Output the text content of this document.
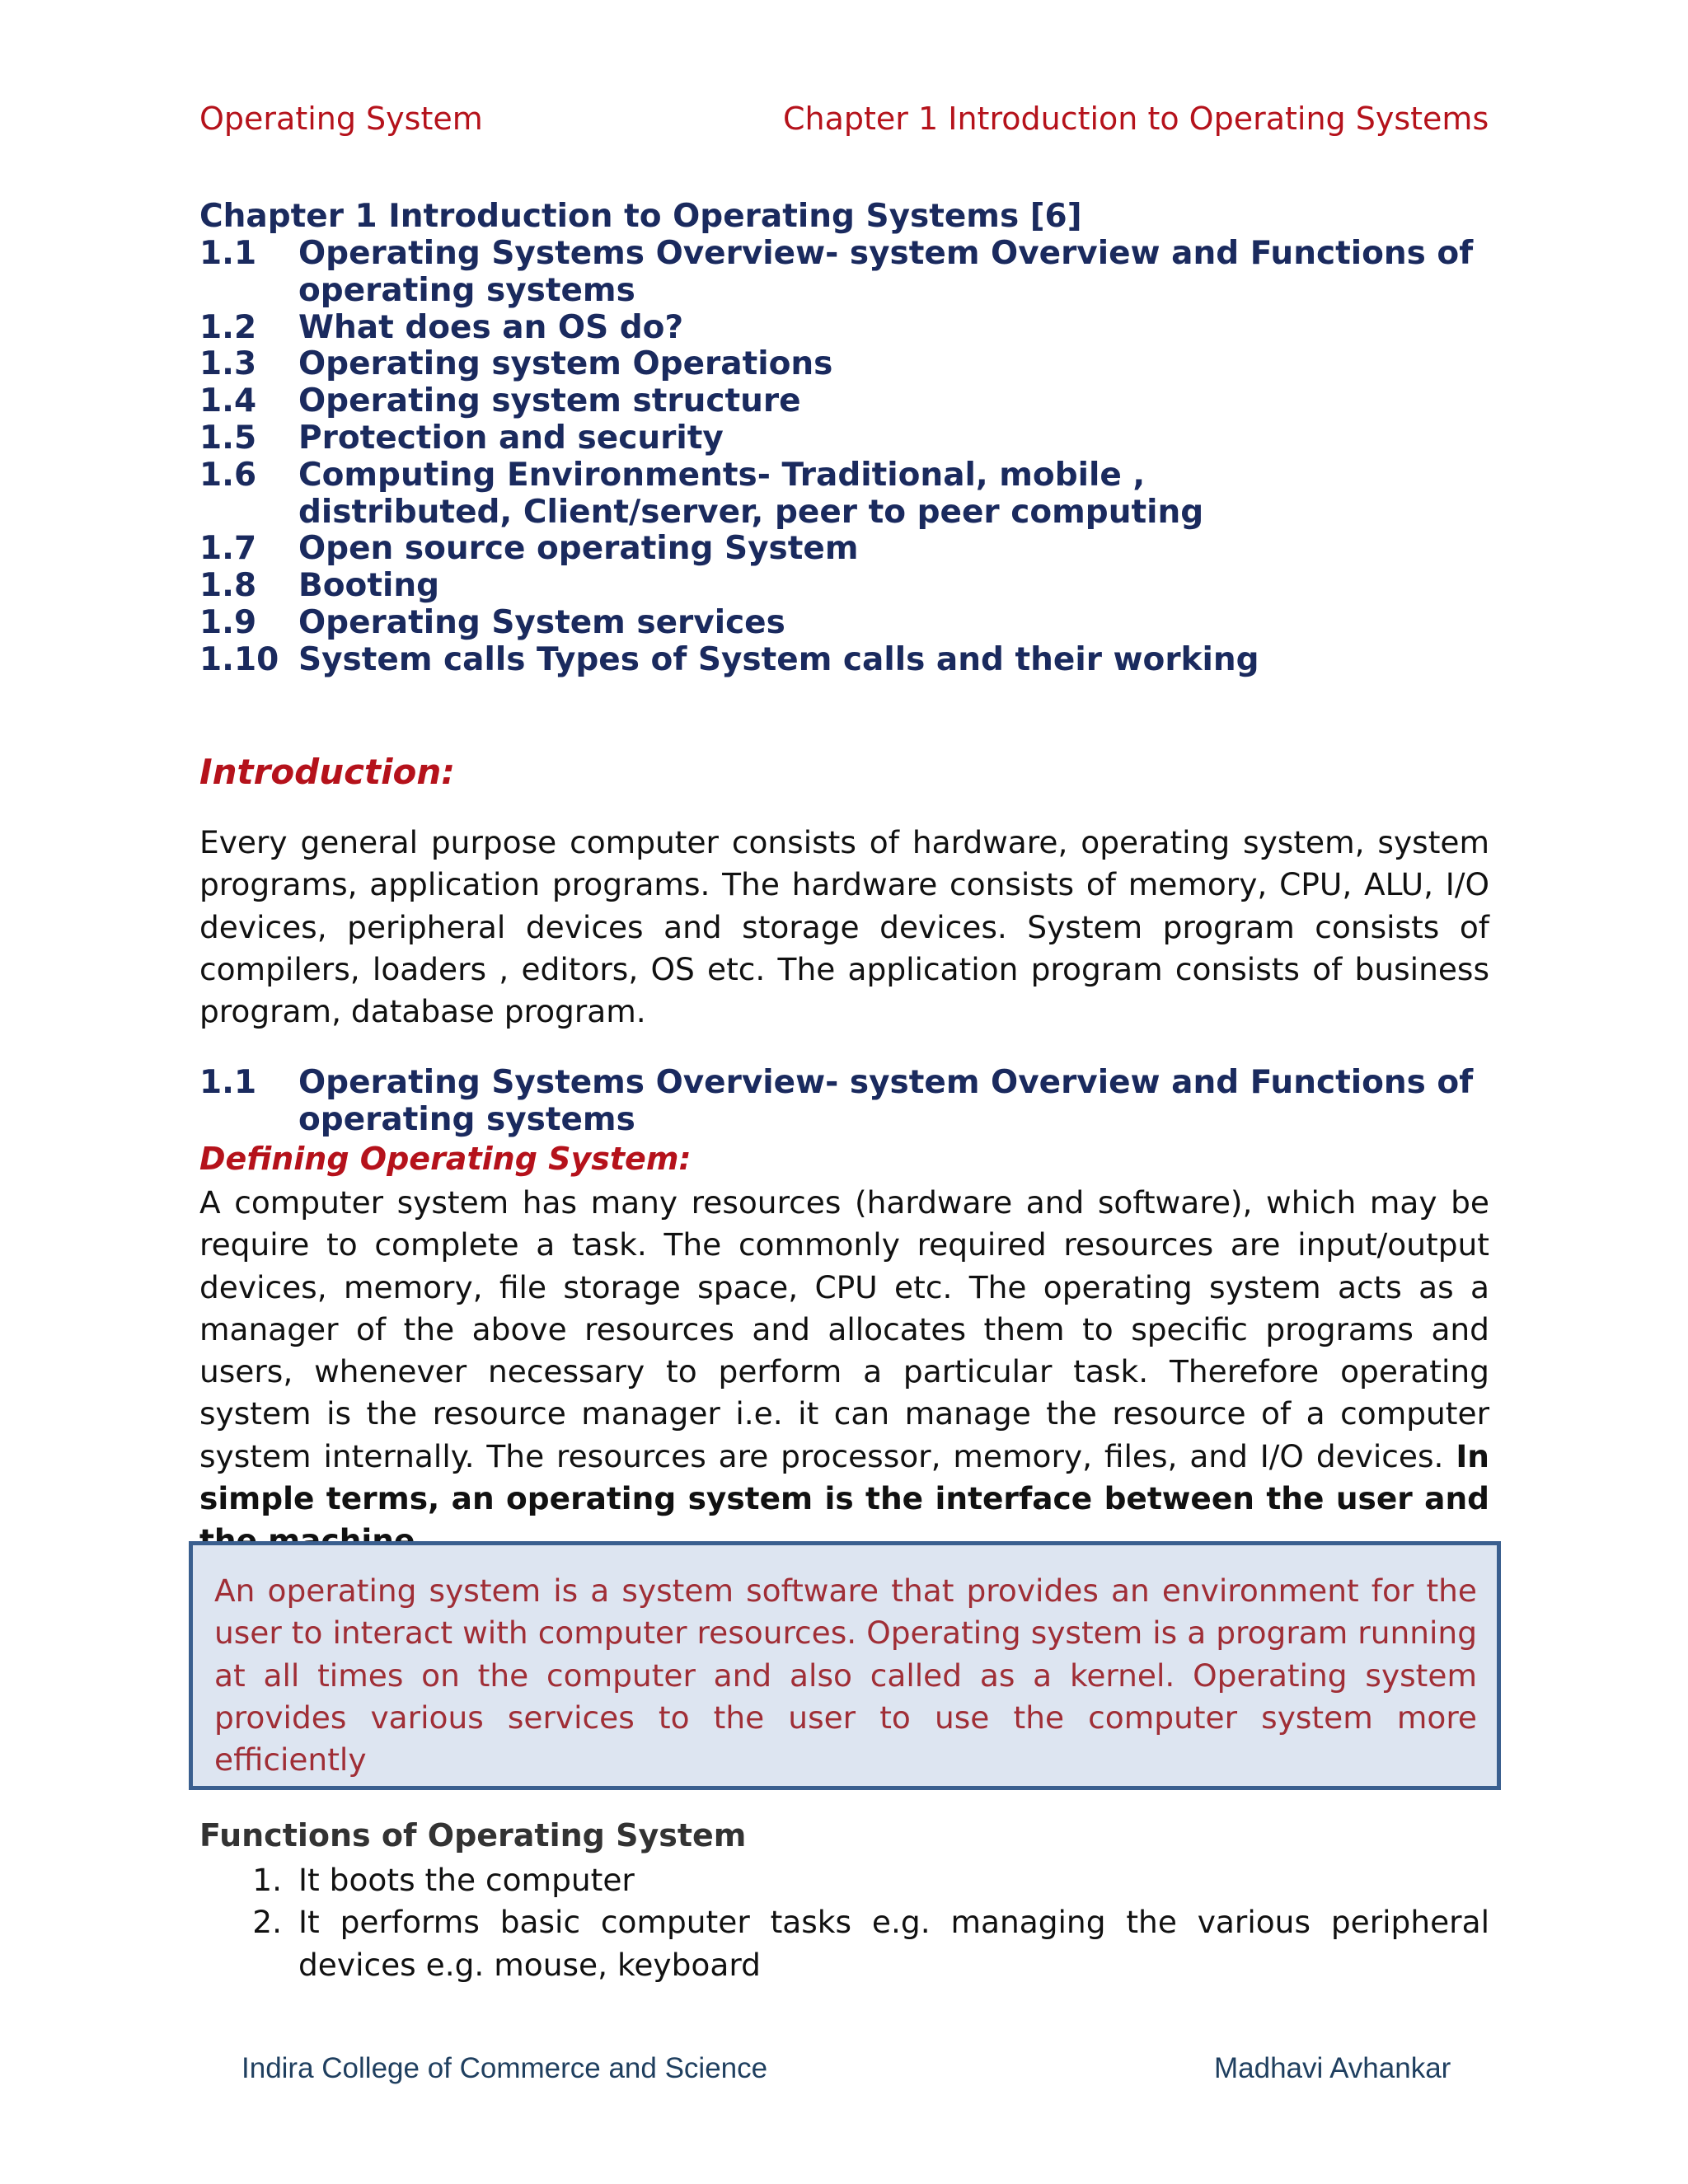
Operating System	Chapter 1 Introduction to Operating Systems
Chapter 1 Introduction to Operating Systems [6]
1.1	Operating Systems Overview- system Overview and Functions of operating systems
1.2	What does an OS do?
1.3	Operating system Operations
1.4	Operating system structure
1.5	Protection and security
1.6	Computing Environments- Traditional, mobile , distributed, Client/server, peer to peer computing
1.7	Open source operating System
1.8	Booting
1.9	Operating System services
1.10 System calls Types of System calls and their working
Introduction:

Every general purpose computer consists of hardware, operating system, system programs, application programs. The hardware consists of memory, CPU, ALU, I/O devices, peripheral devices and storage devices. System program consists of compilers, loaders , editors, OS etc. The application program consists of business program, database program.

1.1	Operating Systems Overview- system Overview and Functions of operating systems
Defining Operating System:

A computer system has many resources (hardware and software), which may be require to complete a task. The commonly required resources are input/output devices, memory, file storage space, CPU etc. The operating system acts as a manager of the above resources and allocates them to specific programs and users, whenever necessary to perform a particular task. Therefore operating system is the resource manager i.e. it can manage the resource of a computer system internally. The resources are processor, memory, files, and I/O devices. In simple terms, an operating system is the interface between the user and

An operating system is a system software that provides an environment for the user to interact with computer resources. Operating system is a program running at all times on the computer and also called as a kernel. Operating system provides various services to the user to use the computer system more efficiently

Functions of Operating System
1. It boots the computer
2. It performs basic computer tasks e.g. managing the various peripheral devices e.g. mouse, keyboard
Indira College of Commerce and Science	Madhavi Avhankar
